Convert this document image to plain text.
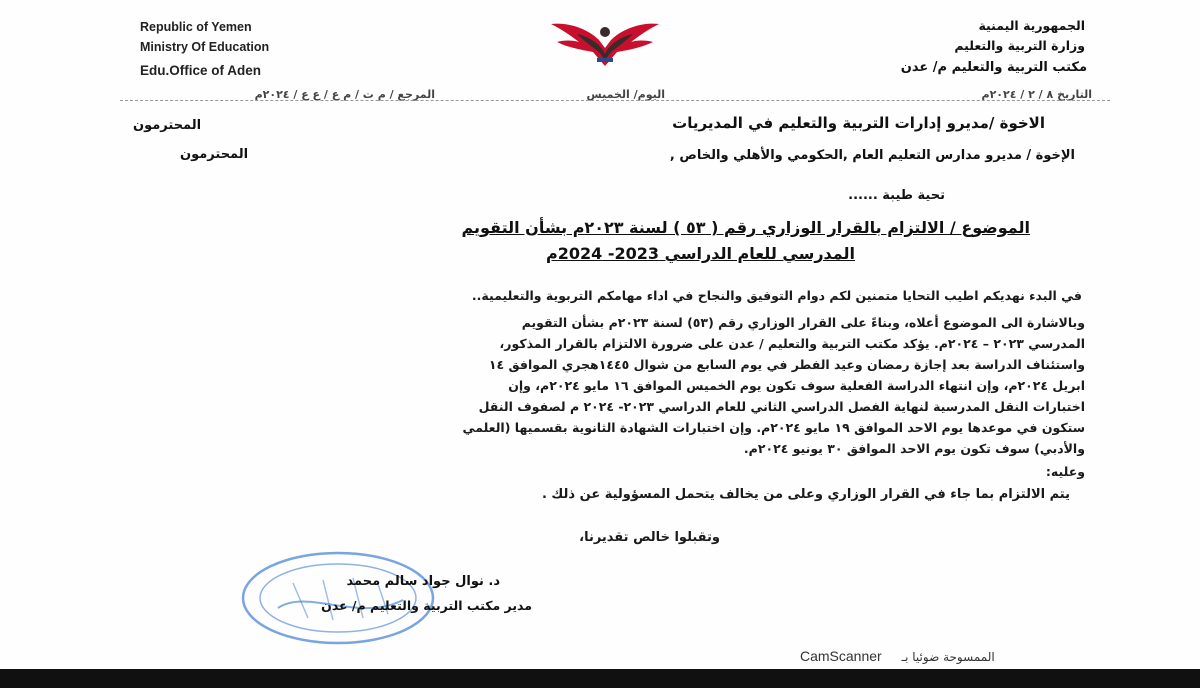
Republic of Yemen
Ministry Of Education
Edu.Office of Aden
الجمهورية اليمنية
وزارة التربية والتعليم
مكتب التربية والتعليم م/ عدن
المرجع / م ت / م ع / ع ع / ٢٠٢٤م	اليوم/ الخميس	التاريخ ٨ / ٢ / ٢٠٢٤م
الاخوة /مديرو إدارات التربية والتعليم في المديريات
المحترمون
الإخوة / مديرو مدارس التعليم العام ,الحكومي والأهلي والخاص ,
المحترمون
تحية طيبة ......
الموضوع / الالتزام بالقرار الوزاري رقم ( ٥٣ ) لسنة ٢٠٢٣م بشأن التقويم
المدرسي للعام الدراسي 2023- 2024م
في البدء نهديكم اطيب التحايا متمنين لكم دوام التوفيق والنجاح في اداء مهامكم التربوية والتعليمية..
وبالاشارة الى الموضوع أعلاه، وبناءً على القرار الوزاري رقم (٥٣) لسنة ٢٠٢٣م بشأن التقويم
المدرسي ٢٠٢٣ – ٢٠٢٤م. يؤكد مكتب التربية والتعليم / عدن على ضرورة الالتزام بالقرار المذكور،
واستئناف الدراسة بعد إجازة رمضان وعيد الفطر في يوم السابع من شوال ١٤٤٥هجري الموافق ١٤
ابريل ٢٠٢٤م، وإن انتهاء الدراسة الفعلية سوف تكون يوم الخميس الموافق ١٦ مايو ٢٠٢٤م، وإن
اختبارات النقل المدرسية لنهاية الفصل الدراسي الثاني للعام الدراسي ٢٠٢٣- ٢٠٢٤ م لصفوف النقل
ستكون في موعدها يوم الاحد الموافق ١٩ مايو ٢٠٢٤م. وإن اختبارات الشهادة الثانوية بقسميها (العلمي
والأدبي) سوف تكون يوم الاحد الموافق ٣٠ يونيو ٢٠٢٤م.
وعليه:
يتم الالتزام بما جاء في القرار الوزاري وعلى من يخالف يتحمل المسؤولية عن ذلك .
وتقبلوا خالص تقديرنا،
د. نوال جواد سالم محمد
مدير مكتب التربية والتعليم م/ عدن
CamScanner الممسوحة ضوئيا بـ
